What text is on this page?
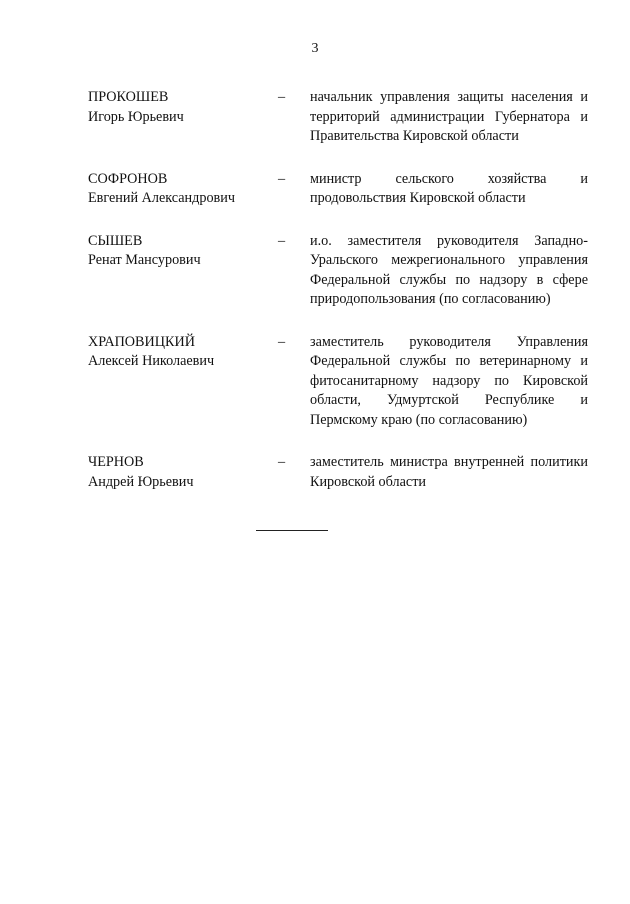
3
ПРОКОШЕВ
Игорь Юрьевич
–	начальник управления защиты населения и территорий администрации Губернатора и Правительства Кировской области
СОФРОНОВ
Евгений Александрович
–	министр сельского хозяйства и продовольствия Кировской области
СЫШЕВ
Ренат Мансурович
–	и.о. заместителя руководителя Западно-Уральского межрегионального управления Федеральной службы по надзору в сфере природопользования (по согласованию)
ХРАПОВИЦКИЙ
Алексей Николаевич
–	заместитель руководителя Управления Федеральной службы по ветеринарному и фитосанитарному надзору по Кировской области, Удмуртской Республике и Пермскому краю (по согласованию)
ЧЕРНОВ
Андрей Юрьевич
–	заместитель министра внутренней политики Кировской области
